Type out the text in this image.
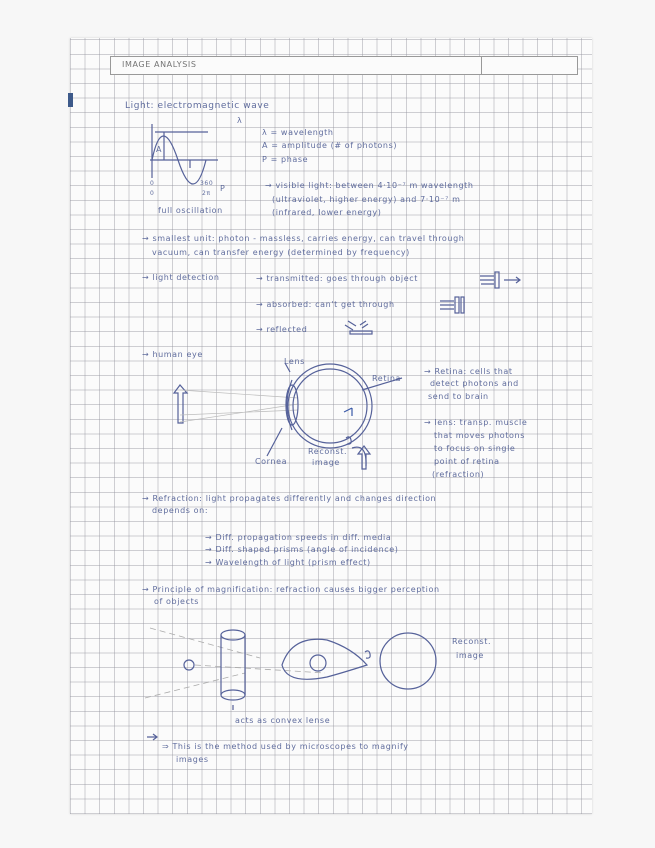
IMAGE ANALYSIS
λ
A
0	360
0	2π
P
full oscillation
Light: electromagnetic wave
λ = wavelength
A = amplitude (# of photons)
P = phase
→ visible light: between 4·10⁻⁷ m wavelength
(ultraviolet, higher energy) and 7·10⁻⁷ m
(infrared, lower energy)
→ smallest unit: photon - massless, carries energy, can travel through
vacuum, can transfer energy (determined by frequency)
→ light detection	→ transmitted: goes through object
→ absorbed: can't get through
→ reflected
→ human eye
Lens
Retina
Cornea
Reconst.
image
→ Retina: cells that
detect photons and
send to brain
→ lens: transp. muscle
that moves photons
to focus on single
point of retina
(refraction)
→ Refraction: light propagates differently and changes direction
depends on:
→ Diff. propagation speeds in diff. media
→ Diff. shaped prisms (angle of incidence)
→ Wavelength of light (prism effect)
→ Principle of magnification: refraction causes bigger perception
of objects
Reconst.
image
acts as convex lense
⇒ This is the method used by microscopes to magnify
images
